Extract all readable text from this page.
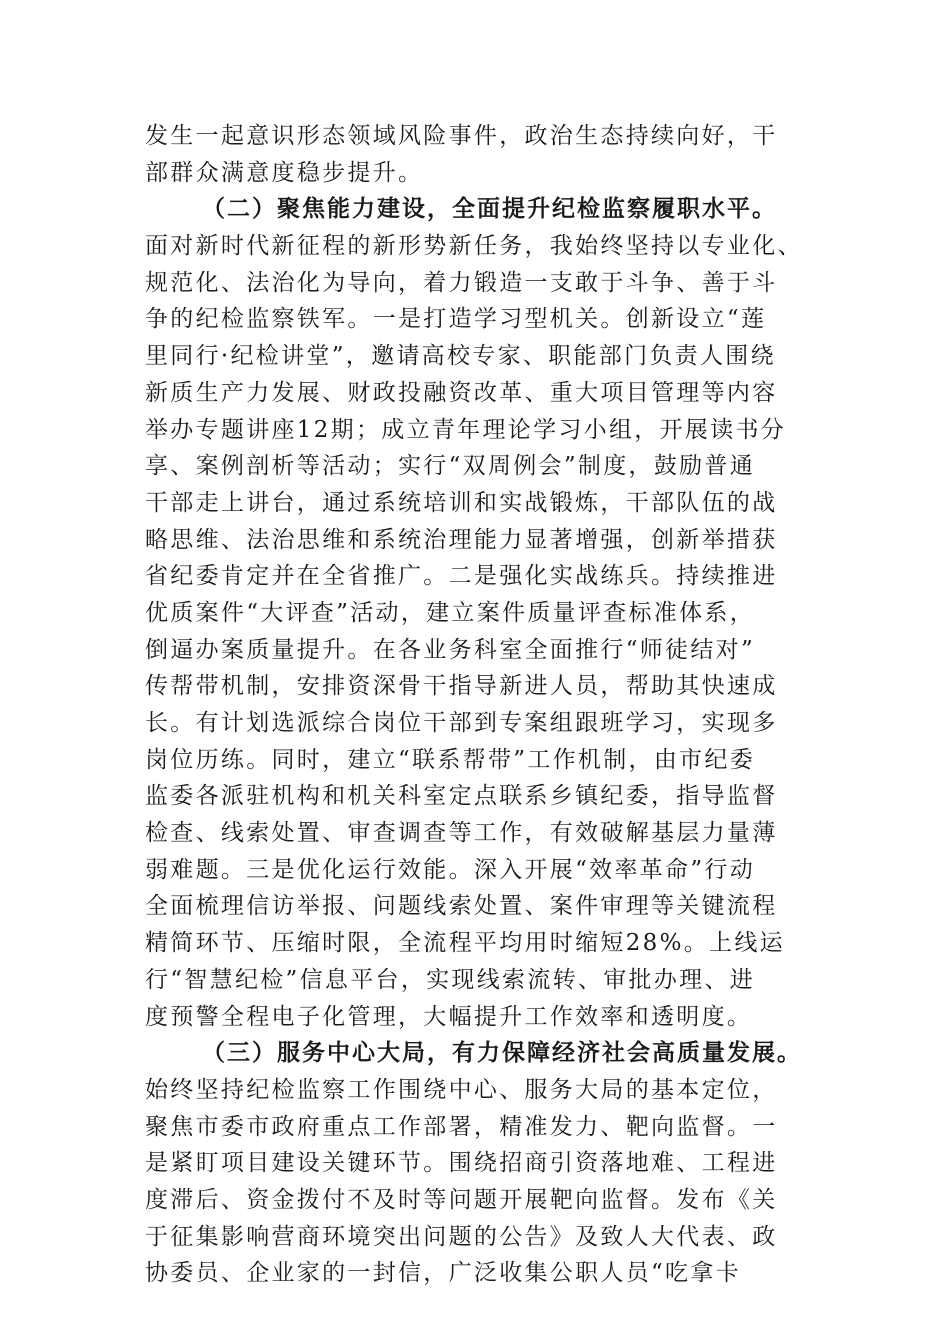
发生一起意识形态领域风险事件，政治生态持续向好，干
部群众满意度稳步提升。
（二）聚焦能力建设，全面提升纪检监察履职水平。
面对新时代新征程的新形势新任务，我始终坚持以专业化、
规范化、法治化为导向，着力锻造一支敢于斗争、善于斗
争的纪检监察铁军。一是打造学习型机关。创新设立“莲
里同行·纪检讲堂”，邀请高校专家、职能部门负责人围绕
新质生产力发展、财政投融资改革、重大项目管理等内容
举办专题讲座12期；成立青年理论学习小组，开展读书分
享、案例剖析等活动；实行“双周例会”制度，鼓励普通
干部走上讲台，通过系统培训和实战锻炼，干部队伍的战
略思维、法治思维和系统治理能力显著增强，创新举措获
省纪委肯定并在全省推广。二是强化实战练兵。持续推进
优质案件“大评查”活动，建立案件质量评查标准体系，
倒逼办案质量提升。在各业务科室全面推行“师徒结对”
传帮带机制，安排资深骨干指导新进人员，帮助其快速成
长。有计划选派综合岗位干部到专案组跟班学习，实现多
岗位历练。同时，建立“联系帮带”工作机制，由市纪委
监委各派驻机构和机关科室定点联系乡镇纪委，指导监督
检查、线索处置、审查调查等工作，有效破解基层力量薄
弱难题。三是优化运行效能。深入开展“效率革命”行动
全面梳理信访举报、问题线索处置、案件审理等关键流程
精简环节、压缩时限，全流程平均用时缩短28%。上线运
行“智慧纪检”信息平台，实现线索流转、审批办理、进
度预警全程电子化管理，大幅提升工作效率和透明度。
（三）服务中心大局，有力保障经济社会高质量发展。
始终坚持纪检监察工作围绕中心、服务大局的基本定位，
聚焦市委市政府重点工作部署，精准发力、靶向监督。一
是紧盯项目建设关键环节。围绕招商引资落地难、工程进
度滞后、资金拨付不及时等问题开展靶向监督。发布《关
于征集影响营商环境突出问题的公告》及致人大代表、政
协委员、企业家的一封信，广泛收集公职人员“吃拿卡
